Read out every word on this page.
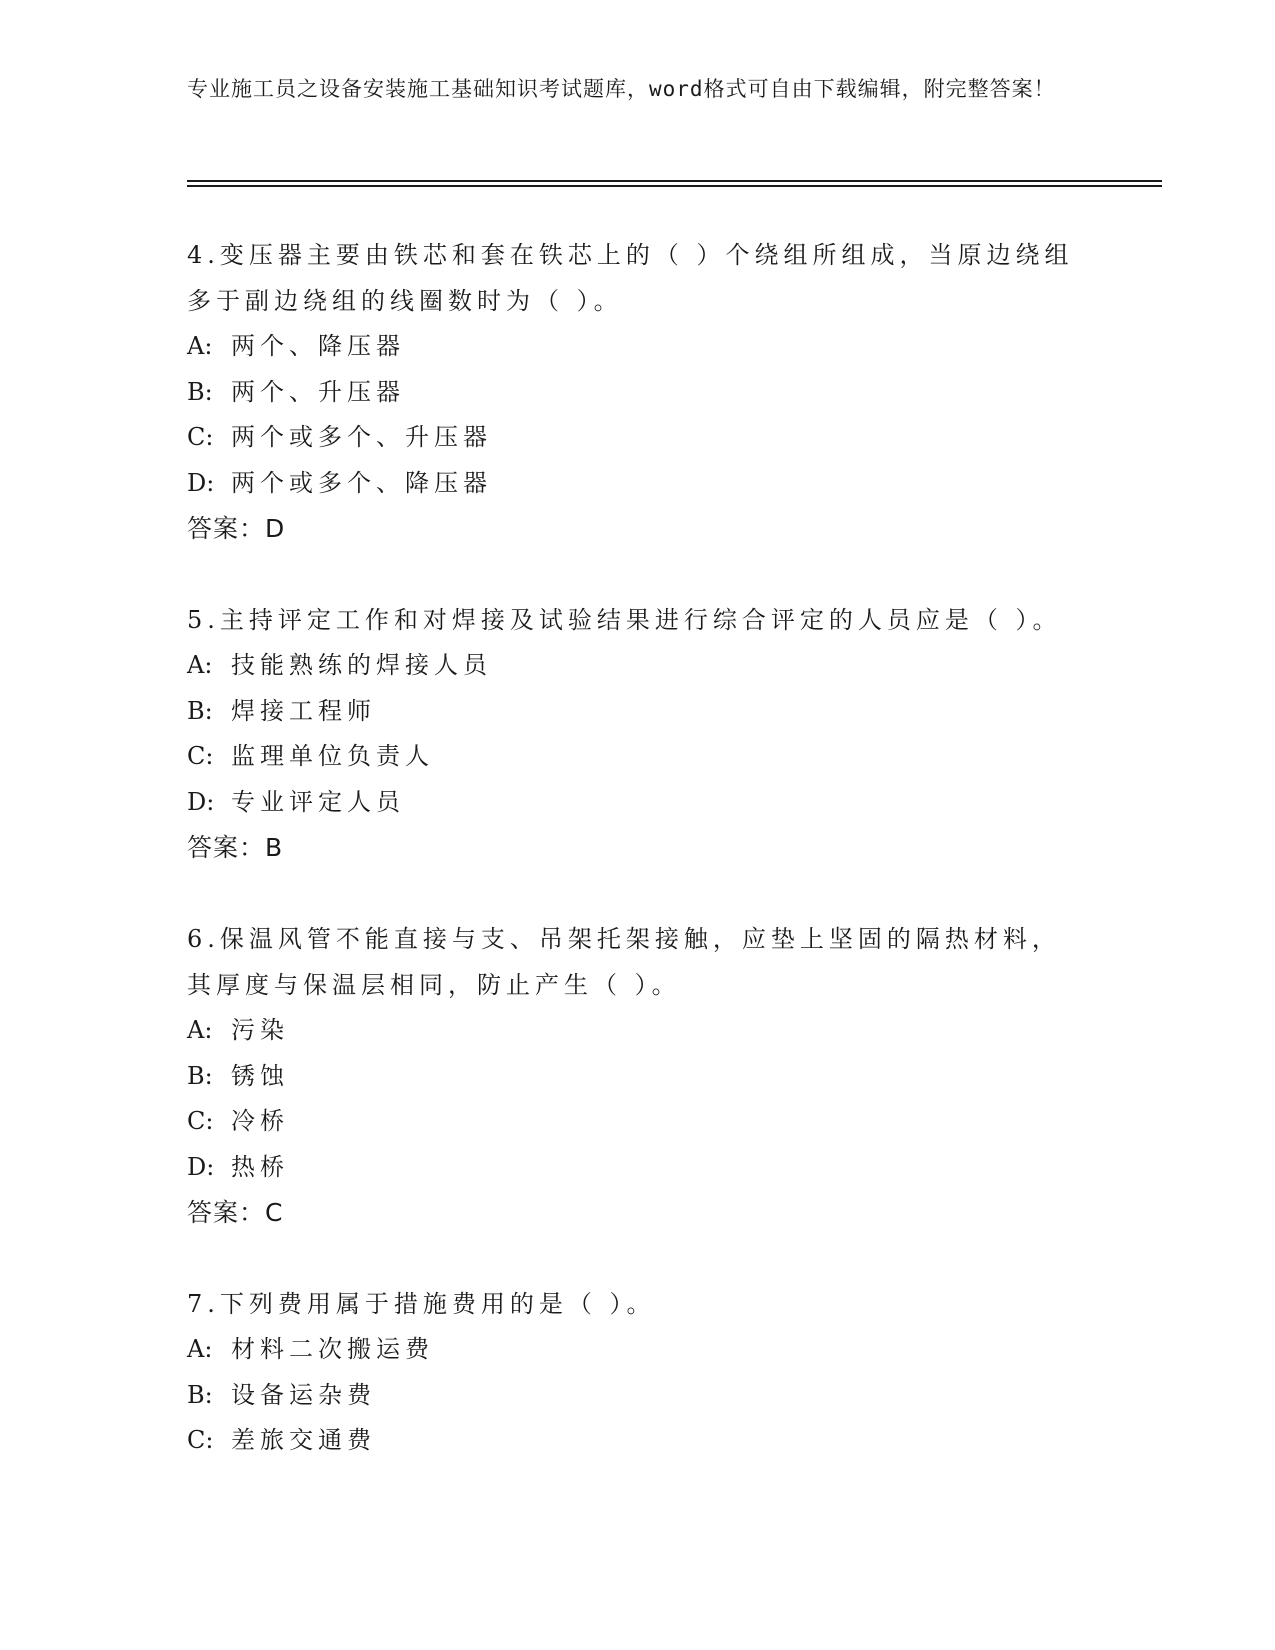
专业施工员之设备安装施工基础知识考试题库，word格式可自由下载编辑，附完整答案！

4.变压器主要由铁芯和套在铁芯上的（ ）个绕组所组成，当原边绕组多于副边绕组的线圈数时为（ ）。

A: 两个、降压器

B: 两个、升压器

C: 两个或多个、升压器

D: 两个或多个、降压器

答案：D

5.主持评定工作和对焊接及试验结果进行综合评定的人员应是（ ）。

A: 技能熟练的焊接人员

B: 焊接工程师

C: 监理单位负责人

D: 专业评定人员

答案：B

6.保温风管不能直接与支、吊架托架接触，应垫上坚固的隔热材料，其厚度与保温层相同，防止产生（ ）。

A: 污染

B: 锈蚀

C: 冷桥

D: 热桥

答案：C

7.下列费用属于措施费用的是（ ）。

A: 材料二次搬运费

B: 设备运杂费

C: 差旅交通费
